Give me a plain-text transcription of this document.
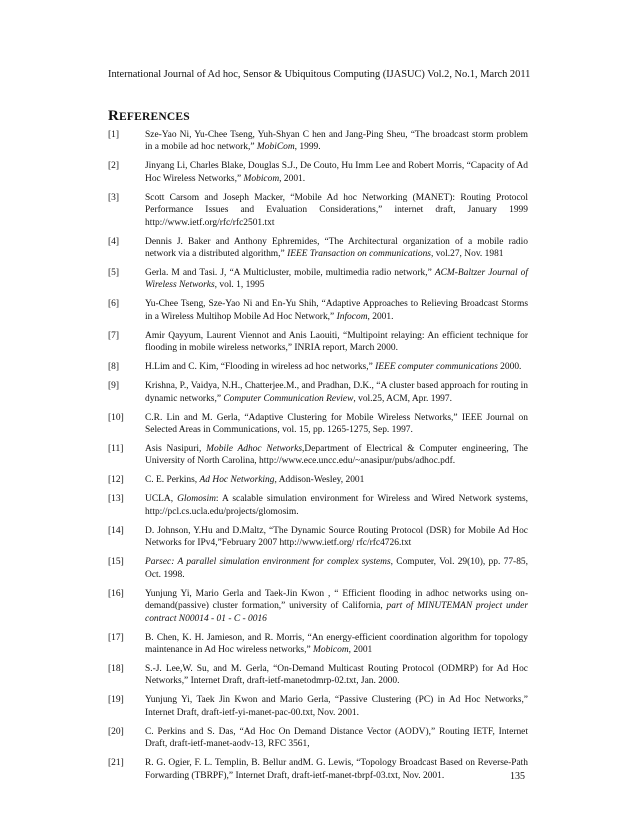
International Journal of Ad hoc, Sensor & Ubiquitous Computing (IJASUC) Vol.2, No.1, March 2011
REFERENCES
[1]	Sze-Yao Ni, Yu-Chee Tseng, Yuh-Shyan C hen and Jang-Ping Sheu, “The broadcast storm problem in a mobile ad hoc network,” MobiCom, 1999.
[2]	Jinyang Li, Charles Blake, Douglas S.J., De Couto, Hu Imm Lee and Robert Morris, “Capacity of Ad Hoc Wireless Networks,” Mobicom, 2001.
[3]	Scott Carsom and Joseph Macker, “Mobile Ad hoc Networking (MANET): Routing Protocol Performance Issues and Evaluation Considerations,” internet draft, January 1999 http://www.ietf.org/rfc/rfc2501.txt
[4]	Dennis J. Baker and Anthony Ephremides, “The Architectural organization of a mobile radio network via a distributed algorithm,” IEEE Transaction on communications, vol.27, Nov. 1981
[5]	Gerla. M and Tasi. J, “A Multicluster, mobile, multimedia radio network,” ACM-Baltzer Journal of Wireless Networks, vol. 1, 1995
[6]	Yu-Chee Tseng, Sze-Yao Ni and En-Yu Shih, “Adaptive Approaches to Relieving Broadcast Storms in a Wireless Multihop Mobile Ad Hoc Network,” Infocom, 2001.
[7]	Amir Qayyum, Laurent Viennot and Anis Laouiti, “Multipoint relaying: An efficient technique for flooding in mobile wireless networks,” INRIA report, March 2000.
[8]	H.Lim and C. Kim, “Flooding in wireless ad hoc networks,” IEEE computer communications 2000.
[9]	Krishna, P., Vaidya, N.H., Chatterjee.M., and Pradhan, D.K., “A cluster based approach for routing in dynamic networks,” Computer Communication Review, vol.25, ACM, Apr. 1997.
[10] C.R. Lin and M. Gerla, “Adaptive Clustering for Mobile Wireless Networks,” IEEE Journal on Selected Areas in Communications, vol. 15, pp. 1265-1275, Sep. 1997.
[11] Asis Nasipuri, Mobile Adhoc Networks,Department of Electrical & Computer engineering, The University of North Carolina, http://www.ece.uncc.edu/~anasipur/pubs/adhoc.pdf.
[12] C. E. Perkins, Ad Hoc Networking, Addison-Wesley, 2001
[13] UCLA, Glomosim: A scalable simulation environment for Wireless and Wired Network systems, http://pcl.cs.ucla.edu/projects/glomosim.
[14] D. Johnson, Y.Hu and D.Maltz, “The Dynamic Source Routing Protocol (DSR) for Mobile Ad Hoc Networks for IPv4,”February 2007 http://www.ietf.org/ rfc/rfc4726.txt
[15] Parsec: A parallel simulation environment for complex systems, Computer, Vol. 29(10), pp. 77-85, Oct. 1998.
[16] Yunjung Yi, Mario Gerla and Taek-Jin Kwon , “ Efficient flooding in adhoc networks using on-demand(passive) cluster formation,” university of California, part of MINUTEMAN project under contract N00014 - 01 - C - 0016
[17] B. Chen, K. H. Jamieson, and R. Morris, “An energy-efficient coordination algorithm for topology maintenance in Ad Hoc wireless networks,” Mobicom, 2001
[18] S.-J. Lee,W. Su, and M. Gerla, “On-Demand Multicast Routing Protocol (ODMRP) for Ad Hoc Networks,” Internet Draft, draft-ietf-manetodmrp-02.txt, Jan. 2000.
[19] Yunjung Yi, Taek Jin Kwon and Mario Gerla, “Passive Clustering (PC) in Ad Hoc Networks,” Internet Draft, draft-ietf-yi-manet-pac-00.txt, Nov. 2001.
[20] C. Perkins and S. Das, “Ad Hoc On Demand Distance Vector (AODV),” Routing IETF, Internet Draft, draft-ietf-manet-aodv-13, RFC 3561,
[21] R. G. Ogier, F. L. Templin, B. Bellur andM. G. Lewis, “Topology Broadcast Based on Reverse-Path Forwarding (TBRPF),” Internet Draft, draft-ietf-manet-tbrpf-03.txt, Nov. 2001.	135
